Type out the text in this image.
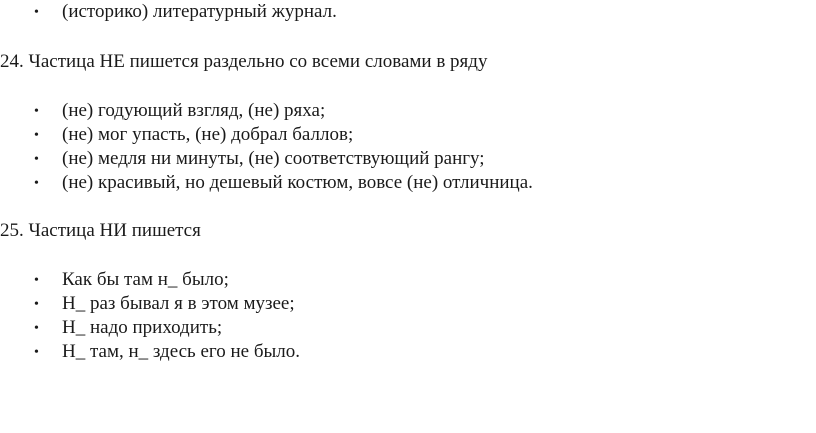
• (историко) литературный журнал.
24. Частица НЕ пишется раздельно со всеми словами в ряду
• (не) годующий взгляд, (не) ряха;
• (не) мог упасть, (не) добрал баллов;
• (не) медля ни минуты, (не) соответствующий рангу;
• (не) красивый, но дешевый костюм, вовсе (не) отличница.
25. Частица НИ пишется
• Как бы там н_ было;
• Н_ раз бывал я в этом музее;
• Н_ надо приходить;
• Н_ там, н_ здесь его не было.
